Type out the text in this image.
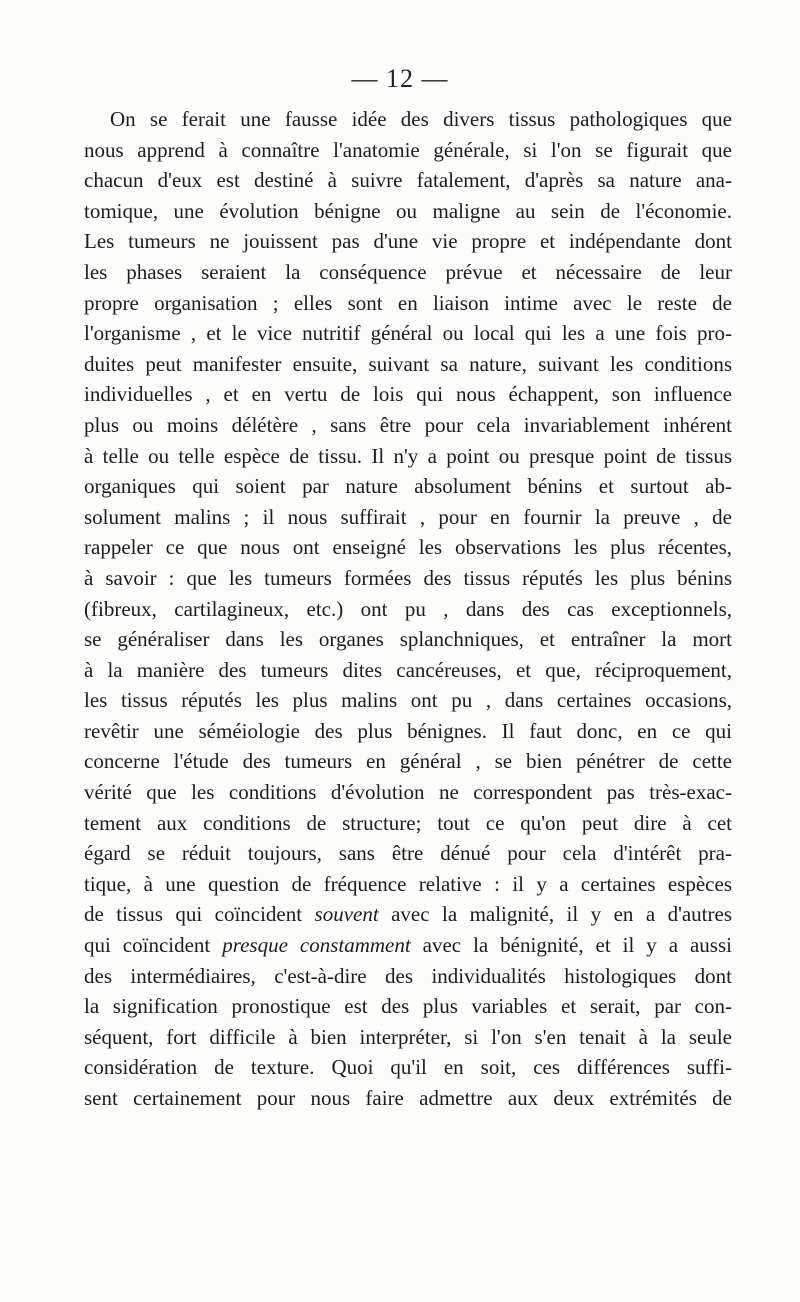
— 12 —
On se ferait une fausse idée des divers tissus pathologiques que
nous apprend à connaître l'anatomie générale, si l'on se figurait que
chacun d'eux est destiné à suivre fatalement, d'après sa nature ana-
tomique, une évolution bénigne ou maligne au sein de l'économie.
Les tumeurs ne jouissent pas d'une vie propre et indépendante dont
les phases seraient la conséquence prévue et nécessaire de leur
propre organisation ; elles sont en liaison intime avec le reste de
l'organisme , et le vice nutritif général ou local qui les a une fois pro-
duites peut manifester ensuite, suivant sa nature, suivant les conditions
individuelles , et en vertu de lois qui nous échappent, son influence
plus ou moins délétère , sans être pour cela invariablement inhérent
à telle ou telle espèce de tissu. Il n'y a point ou presque point de tissus
organiques qui soient par nature absolument bénins et surtout ab-
solument malins ; il nous suffirait , pour en fournir la preuve , de
rappeler ce que nous ont enseigné les observations les plus récentes,
à savoir : que les tumeurs formées des tissus réputés les plus bénins
(fibreux, cartilagineux, etc.) ont pu , dans des cas exceptionnels,
se généraliser dans les organes splanchniques, et entraîner la mort
à la manière des tumeurs dites cancéreuses, et que, réciproquement,
les tissus réputés les plus malins ont pu , dans certaines occasions,
revêtir une séméiologie des plus bénignes. Il faut donc, en ce qui
concerne l'étude des tumeurs en général , se bien pénétrer de cette
vérité que les conditions d'évolution ne correspondent pas très-exac-
tement aux conditions de structure; tout ce qu'on peut dire à cet
égard se réduit toujours, sans être dénué pour cela d'intérêt pra-
tique, à une question de fréquence relative : il y a certaines espèces
de tissus qui coïncident souvent avec la malignité, il y en a d'autres
qui coïncident presque constamment avec la bénignité, et il y a aussi
des intermédiaires, c'est-à-dire des individualités histologiques dont
la signification pronostique est des plus variables et serait, par con-
séquent, fort difficile à bien interpréter, si l'on s'en tenait à la seule
considération de texture. Quoi qu'il en soit, ces différences suffi-
sent certainement pour nous faire admettre aux deux extrémités de
